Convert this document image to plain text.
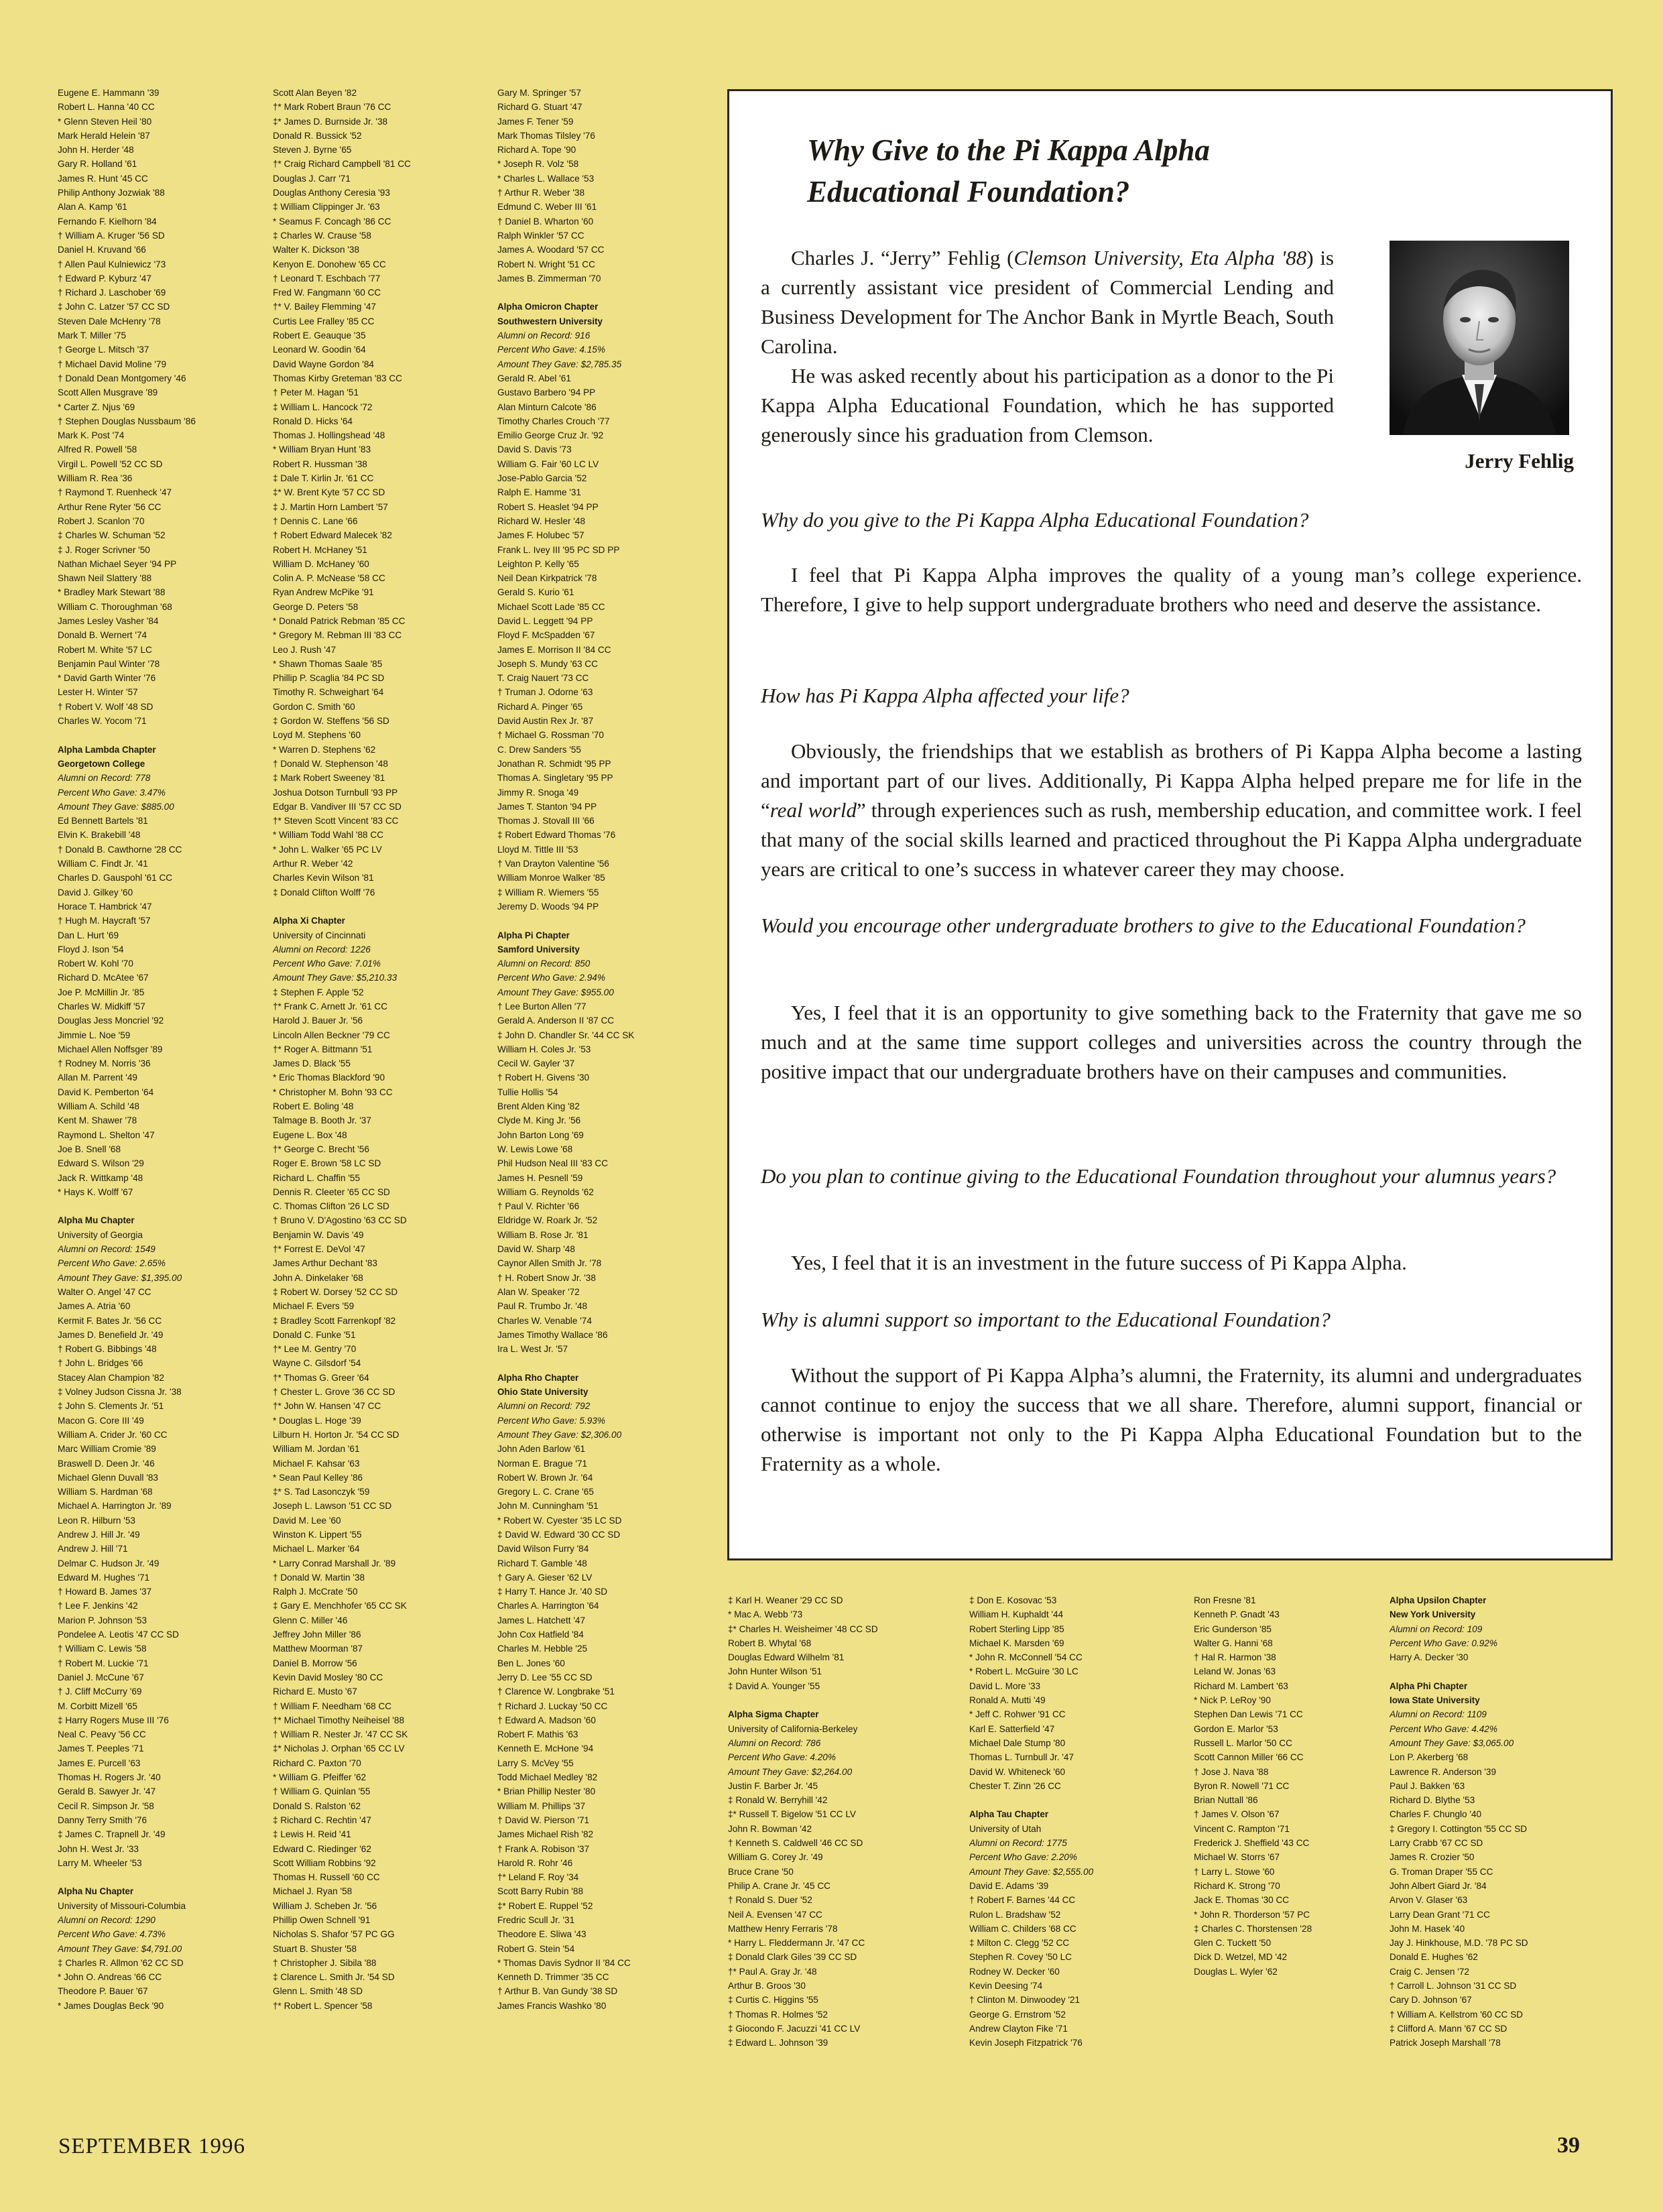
Eugene E. Hammann '39
Robert L. Hanna '40 CC
* Glenn Steven Heil '80
Mark Herald Helein '87
John H. Herder '48
Gary R. Holland '61
James R. Hunt '45 CC
Philip Anthony Jozwiak '88
Alan A. Kamp '61
Fernando F. Kielhorn '84
† William A. Kruger '56 SD
Daniel H. Kruvand '66
† Allen Paul Kulniewicz '73
† Edward P. Kyburz '47
† Richard J. Laschober '69
‡ John C. Latzer '57 CC SD
Steven Dale McHenry '78
Mark T. Miller '75
† George L. Mitsch '37
† Michael David Moline '79
† Donald Dean Montgomery '46
Scott Allen Musgrave '89
* Carter Z. Njus '69
† Stephen Douglas Nussbaum '86
Mark K. Post '74
Alfred R. Powell '58
Virgil L. Powell '52 CC SD
William R. Rea '36
† Raymond T. Ruenheck '47
Arthur Rene Ryter '56 CC
Robert J. Scanlon '70
‡ Charles W. Schuman '52
‡ J. Roger Scrivner '50
Nathan Michael Seyer '94 PP
Shawn Neil Slattery '88
* Bradley Mark Stewart '88
William C. Thoroughman '68
James Lesley Vasher '84
Donald B. Wernert '74
Robert M. White '57 LC
Benjamin Paul Winter '78
* David Garth Winter '76
Lester H. Winter '57
† Robert V. Wolf '48 SD
Charles W. Yocom '71
Alpha Lambda Chapter
Georgetown College
Alumni on Record: 778
Percent Who Gave: 3.47%
Amount They Gave: $885.00
Ed Bennett Bartels '81
Elvin K. Brakebill '48
† Donald B. Cawthorne '28 CC
William C. Findt Jr. '41
Charles D. Gauspohl '61 CC
David J. Gilkey '60
Horace T. Hambrick '47
† Hugh M. Haycraft '57
Dan L. Hurt '69
Floyd J. Ison '54
Robert W. Kohl '70
Richard D. McAtee '67
Joe P. McMillin Jr. '85
Charles W. Midkiff '57
Douglas Jess Moncriel '92
Jimmie L. Noe '59
Michael Allen Noffsger '89
† Rodney M. Norris '36
Allan M. Parrent '49
David K. Pemberton '64
William A. Schild '48
Kent M. Shawer '78
Raymond L. Shelton '47
Joe B. Snell '68
Edward S. Wilson '29
Jack R. Wittkamp '48
* Hays K. Wolff '67
Alpha Mu Chapter
University of Georgia
Alumni on Record: 1549
Percent Who Gave: 2.65%
Amount They Gave: $1,395.00
Walter O. Angel '47 CC
James A. Atria '60
Kermit F. Bates Jr. '56 CC
James D. Benefield Jr. '49
† Robert G. Bibbings '48
† John L. Bridges '66
Stacey Alan Champion '82
‡ Volney Judson Cissna Jr. '38
‡ John S. Clements Jr. '51
Macon G. Core III '49
William A. Crider Jr. '60 CC
Marc William Cromie '89
Braswell D. Deen Jr. '46
Michael Glenn Duvall '83
William S. Hardman '68
Michael A. Harrington Jr. '89
Leon R. Hilburn '53
Andrew J. Hill Jr. '49
Andrew J. Hill '71
Delmar C. Hudson Jr. '49
Edward M. Hughes '71
† Howard B. James '37
† Lee F. Jenkins '42
Marion P. Johnson '53
Pondelee A. Leotis '47 CC SD
† William C. Lewis '58
† Robert M. Luckie '71
Daniel J. McCune '67
† J. Cliff McCurry '69
M. Corbitt Mizell '65
‡ Harry Rogers Muse III '76
Neal C. Peavy '56 CC
James T. Peeples '71
James E. Purcell '63
Thomas H. Rogers Jr. '40
Gerald B. Sawyer Jr. '47
Cecil R. Simpson Jr. '58
Danny Terry Smith '76
‡ James C. Trapnell Jr. '49
John H. West Jr. '33
Larry M. Wheeler '53
Alpha Nu Chapter
University of Missouri-Columbia
Alumni on Record: 1290
Percent Who Gave: 4.73%
Amount They Gave: $4,791.00
‡ Charles R. Allmon '62 CC SD
* John O. Andreas '66 CC
Theodore P. Bauer '67
* James Douglas Beck '90
Scott Alan Beyen '82
†* Mark Robert Braun '76 CC
‡* James D. Burnside Jr. '38
Donald R. Bussick '52
Steven J. Byrne '65
†* Craig Richard Campbell '81 CC
Douglas J. Carr '71
Douglas Anthony Ceresia '93
‡ William Clippinger Jr. '63
* Seamus F. Concagh '86 CC
‡ Charles W. Crause '58
Walter K. Dickson '38
Kenyon E. Donohew '65 CC
† Leonard T. Eschbach '77
Fred W. Fangmann '60 CC
†* V. Bailey Flemming '47
Curtis Lee Fralley '85 CC
Robert E. Geauque '35
Leonard W. Goodin '64
David Wayne Gordon '84
Thomas Kirby Greteman '83 CC
† Peter M. Hagan '51
‡ William L. Hancock '72
Ronald D. Hicks '64
Thomas J. Hollingshead '48
* William Bryan Hunt '83
Robert R. Hussman '38
‡ Dale T. Kirlin Jr. '61 CC
‡* W. Brent Kyte '57 CC SD
‡ J. Martin Horn Lambert '57
† Dennis C. Lane '66
† Robert Edward Malecek '82
Robert H. McHaney '51
William D. McHaney '60
Colin A. P. McNease '58 CC
Ryan Andrew McPike '91
George D. Peters '58
* Donald Patrick Rebman '85 CC
* Gregory M. Rebman III '83 CC
Leo J. Rush '47
* Shawn Thomas Saale '85
Phillip P. Scaglia '84 PC SD
Timothy R. Schweighart '64
Gordon C. Smith '60
‡ Gordon W. Steffens '56 SD
Loyd M. Stephens '60
* Warren D. Stephens '62
† Donald W. Stephenson '48
‡ Mark Robert Sweeney '81
Joshua Dotson Turnbull '93 PP
Edgar B. Vandiver III '57 CC SD
†* Steven Scott Vincent '83 CC
* William Todd Wahl '88 CC
* John L. Walker '65 PC LV
Arthur R. Weber '42
Charles Kevin Wilson '81
‡ Donald Clifton Wolff '76
Alpha Xi Chapter
University of Cincinnati
Alumni on Record: 1226
Percent Who Gave: 7.01%
Amount They Gave: $5,210.33
‡ Stephen F. Apple '52
†* Frank C. Arnett Jr. '61 CC
Harold J. Bauer Jr. '56
Lincoln Allen Beckner '79 CC
†* Roger A. Bittmann '51
James D. Black '55
* Eric Thomas Blackford '90
* Christopher M. Bohn '93 CC
Robert E. Boling '48
Talmage B. Booth Jr. '37
Eugene L. Box '48
†* George C. Brecht '56
Roger E. Brown '58 LC SD
Richard L. Chaffin '55
Dennis R. Cleeter '65 CC SD
C. Thomas Clifton '26 LC SD
† Bruno V. D'Agostino '63 CC SD
Benjamin W. Davis '49
†* Forrest E. DeVol '47
James Arthur Dechant '83
John A. Dinkelaker '68
‡ Robert W. Dorsey '52 CC SD
Michael F. Evers '59
‡ Bradley Scott Farrenkopf '82
Donald C. Funke '51
†* Lee M. Gentry '70
Wayne C. Gilsdorf '54
†* Thomas G. Greer '64
† Chester L. Grove '36 CC SD
†* John W. Hansen '47 CC
* Douglas L. Hoge '39
Lilburn H. Horton Jr. '54 CC SD
William M. Jordan '61
Michael F. Kahsar '63
* Sean Paul Kelley '86
‡* S. Tad Lasonczyk '59
Joseph L. Lawson '51 CC SD
David M. Lee '60
Winston K. Lippert '55
Michael L. Marker '64
* Larry Conrad Marshall Jr. '89
† Donald W. Martin '38
Ralph J. McCrate '50
‡ Gary E. Menchhofer '65 CC SK
Glenn C. Miller '46
Jeffrey John Miller '86
Matthew Moorman '87
Daniel B. Morrow '56
Kevin David Mosley '80 CC
Richard E. Musto '67
† William F. Needham '68 CC
†* Michael Timothy Neiheisel '88
† William R. Nester Jr. '47 CC SK
‡* Nicholas J. Orphan '65 CC LV
Richard C. Paxton '70
* William G. Pfeiffer '62
† William G. Quinlan '55
Donald S. Ralston '62
‡ Richard C. Rechtin '47
‡ Lewis H. Reid '41
Edward C. Riedinger '62
Scott William Robbins '92
Thomas H. Russell '60 CC
Michael J. Ryan '58
William J. Scheben Jr. '56
Phillip Owen Schnell '91
Nicholas S. Shafor '57 PC GG
Stuart B. Shuster '58
† Christopher J. Sibila '88
‡ Clarence L. Smith Jr. '54 SD
Glenn L. Smith '48 SD
†* Robert L. Spencer '58
Gary M. Springer '57
Richard G. Stuart '47
James F. Tener '59
Mark Thomas Tilsley '76
Richard A. Tope '90
* Joseph R. Volz '58
* Charles L. Wallace '53
† Arthur R. Weber '38
Edmund C. Weber III '61
† Daniel B. Wharton '60
Ralph Winkler '57 CC
James A. Woodard '57 CC
Robert N. Wright '51 CC
James B. Zimmerman '70
Alpha Omicron Chapter
Southwestern University
Alumni on Record: 916
Percent Who Gave: 4.15%
Amount They Gave: $2,785.35
Gerald R. Abel '61
Gustavo Barbero '94 PP
Alan Minturn Calcote '86
Timothy Charles Crouch '77
Emilio George Cruz Jr. '92
David S. Davis '73
William G. Fair '60 LC LV
Jose-Pablo Garcia '52
Ralph E. Hamme '31
Robert S. Heaslet '94 PP
Richard W. Hesler '48
James F. Holubec '57
Frank L. Ivey III '95 PC SD PP
Leighton P. Kelly '65
Neil Dean Kirkpatrick '78
Gerald S. Kurio '61
Michael Scott Lade '85 CC
David L. Leggett '94 PP
Floyd F. McSpadden '67
James E. Morrison II '84 CC
Joseph S. Mundy '63 CC
T. Craig Nauert '73 CC
† Truman J. Odorne '63
Richard A. Pinger '65
David Austin Rex Jr. '87
† Michael G. Rossman '70
C. Drew Sanders '55
Jonathan R. Schmidt '95 PP
Thomas A. Singletary '95 PP
Jimmy R. Snoga '49
James T. Stanton '94 PP
Thomas J. Stovall III '66
‡ Robert Edward Thomas '76
Lloyd M. Tittle III '53
† Van Drayton Valentine '56
William Monroe Walker '85
‡ William R. Wiemers '55
Jeremy D. Woods '94 PP
Alpha Pi Chapter
Samford University
Alumni on Record: 850
Percent Who Gave: 2.94%
Amount They Gave: $955.00
† Lee Burton Allen '77
Gerald A. Anderson II '87 CC
‡ John D. Chandler Sr. '44 CC SK
William H. Coles Jr. '53
Cecil W. Gayler '37
† Robert H. Givens '30
Tullie Hollis '54
Brent Alden King '82
Clyde M. King Jr. '56
John Barton Long '69
W. Lewis Lowe '68
Phil Hudson Neal III '83 CC
James H. Pesnell '59
William G. Reynolds '62
† Paul V. Richter '66
Eldridge W. Roark Jr. '52
William B. Rose Jr. '81
David W. Sharp '48
Caynor Allen Smith Jr. '78
† H. Robert Snow Jr. '38
Alan W. Speaker '72
Paul R. Trumbo Jr. '48
Charles W. Venable '74
James Timothy Wallace '86
Ira L. West Jr. '57
Alpha Rho Chapter
Ohio State University
Alumni on Record: 792
Percent Who Gave: 5.93%
Amount They Gave: $2,306.00
John Aden Barlow '61
Norman E. Brague '71
Robert W. Brown Jr. '64
Gregory L. C. Crane '65
John M. Cunningham '51
* Robert W. Cyester '35 LC SD
‡ David W. Edward '30 CC SD
David Wilson Furry '84
Richard T. Gamble '48
† Gary A. Gieser '62 LV
‡ Harry T. Hance Jr. '40 SD
Charles A. Harrington '64
James L. Hatchett '47
John Cox Hatfield '84
Charles M. Hebble '25
Ben L. Jones '60
Jerry D. Lee '55 CC SD
† Clarence W. Longbrake '51
† Richard J. Luckay '50 CC
† Edward A. Madson '60
Robert F. Mathis '63
Kenneth E. McHone '94
Larry S. McVey '55
Todd Michael Medley '82
* Brian Phillip Nester '80
William M. Phillips '37
† David W. Pierson '71
James Michael Rish '82
† Frank A. Robison '37
Harold R. Rohr '46
†* Leland F. Roy '34
Scott Barry Rubin '88
‡* Robert E. Ruppel '52
Fredric Scull Jr. '31
Theodore E. Sliwa '43
Robert G. Stein '54
* Thomas Davis Sydnor II '84 CC
Kenneth D. Trimmer '35 CC
† Arthur B. Van Gundy '38 SD
James Francis Washko '80
‡ Karl H. Weaner '29 CC SD
* Mac A. Webb '73
‡* Charles H. Weisheimer '48 CC SD
Robert B. Whytal '68
Douglas Edward Wilhelm '81
John Hunter Wilson '51
‡ David A. Younger '55
Alpha Sigma Chapter
University of California-Berkeley
Alumni on Record: 786
Percent Who Gave: 4.20%
Amount They Gave: $2,264.00
Justin F. Barber Jr. '45
‡ Ronald W. Berryhill '42
‡* Russell T. Bigelow '51 CC LV
John R. Bowman '42
† Kenneth S. Caldwell '46 CC SD
William G. Corey Jr. '49
Bruce Crane '50
Philip A. Crane Jr. '45 CC
† Ronald S. Duer '52
Neil A. Evensen '47 CC
Matthew Henry Ferraris '78
* Harry L. Fleddermann Jr. '47 CC
‡ Donald Clark Giles '39 CC SD
†* Paul A. Gray Jr. '48
Arthur B. Groos '30
‡ Curtis C. Higgins '55
† Thomas R. Holmes '52
‡ Giocondo F. Jacuzzi '41 CC LV
‡ Edward L. Johnson '39
‡ Don E. Kosovac '53
William H. Kuphaldt '44
Robert Sterling Lipp '85
Michael K. Marsden '69
* John R. McConnell '54 CC
* Robert L. McGuire '30 LC
David L. More '33
Ronald A. Mutti '49
* Jeff C. Rohwer '91 CC
Karl E. Satterfield '47
Michael Dale Stump '80
Thomas L. Turnbull Jr. '47
David W. Whiteneck '60
Chester T. Zinn '26 CC
Alpha Tau Chapter
University of Utah
Alumni on Record: 1775
Percent Who Gave: 2.20%
Amount They Gave: $2,555.00
David E. Adams '39
† Robert F. Barnes '44 CC
Rulon L. Bradshaw '52
William C. Childers '68 CC
‡ Milton C. Clegg '52 CC
Stephen R. Covey '50 LC
Rodney W. Decker '60
Kevin Deesing '74
† Clinton M. Dinwoodey '21
George G. Ernstrom '52
Andrew Clayton Fike '71
Kevin Joseph Fitzpatrick '76
Ron Fresne '81
Kenneth P. Gnadt '43
Eric Gunderson '85
Walter G. Hanni '68
† Hal R. Harmon '38
Leland W. Jonas '63
Richard M. Lambert '63
* Nick P. LeRoy '90
Stephen Dan Lewis '71 CC
Gordon E. Marlor '53
Russell L. Marlor '50 CC
Scott Cannon Miller '66 CC
† Jose J. Nava '88
Byron R. Nowell '71 CC
Brian Nuttall '86
† James V. Olson '67
Vincent C. Rampton '71
Frederick J. Sheffield '43 CC
Michael W. Storrs '67
† Larry L. Stowe '60
Richard K. Strong '70
Jack E. Thomas '30 CC
* John R. Thorderson '57 PC
‡ Charles C. Thorstensen '28
Glen C. Tuckett '50
Dick D. Wetzel, MD '42
Douglas L. Wyler '62
Alpha Upsilon Chapter
New York University
Alumni on Record: 109
Percent Who Gave: 0.92%
Harry A. Decker '30
Alpha Phi Chapter
Iowa State University
Alumni on Record: 1109
Percent Who Gave: 4.42%
Amount They Gave: $3,065.00
Lon P. Akerberg '68
Lawrence R. Anderson '39
Paul J. Bakken '63
Richard D. Blythe '53
Charles F. Chunglo '40
‡ Gregory I. Cottington '55 CC SD
Larry Crabb '67 CC SD
James R. Crozier '50
G. Troman Draper '55 CC
John Albert Giard Jr. '84
Arvon V. Glaser '63
Larry Dean Grant '71 CC
John M. Hasek '40
Jay J. Hinkhouse, M.D. '78 PC SD
Donald E. Hughes '62
Craig C. Jensen '72
† Carroll L. Johnson '31 CC SD
Cary D. Johnson '67
† William A. Kellstrom '60 CC SD
‡ Clifford A. Mann '67 CC SD
Patrick Joseph Marshall '78
Why Give to the Pi Kappa Alpha
Educational Foundation?

Charles J. “Jerry” Fehlig (Clemson University, Eta Alpha '88) is a currently assistant vice president of Commercial Lending and Business Development for The Anchor Bank in Myrtle Beach, South Carolina.

He was asked recently about his participation as a donor to the Pi Kappa Alpha Educational Foundation, which he has supported generously since his graduation from Clemson.

Jerry Fehlig

Why do you give to the Pi Kappa Alpha Educational Foundation?

I feel that Pi Kappa Alpha improves the quality of a young man’s college experience. Therefore, I give to help support undergraduate brothers who need and deserve the assistance.

How has Pi Kappa Alpha affected your life?

Obviously, the friendships that we establish as brothers of Pi Kappa Alpha become a lasting and important part of our lives. Additionally, Pi Kappa Alpha helped prepare me for life in the “real world” through experiences such as rush, membership education, and committee work. I feel that many of the social skills learned and practiced throughout the Pi Kappa Alpha undergraduate years are critical to one’s success in whatever career they may choose.

Would you encourage other undergraduate brothers to give to the Educational Foundation?

Yes, I feel that it is an opportunity to give something back to the Fraternity that gave me so much and at the same time support colleges and universities across the country through the positive impact that our undergraduate brothers have on their campuses and communities.

Do you plan to continue giving to the Educational Foundation throughout your alumnus years?

Yes, I feel that it is an investment in the future success of Pi Kappa Alpha.

Why is alumni support so important to the Educational Foundation?

Without the support of Pi Kappa Alpha’s alumni, the Fraternity, its alumni and undergraduates cannot continue to enjoy the success that we all share. Therefore, alumni support, financial or otherwise is important not only to the Pi Kappa Alpha Educational Foundation but to the Fraternity as a whole.

SEPTEMBER 1996	39
